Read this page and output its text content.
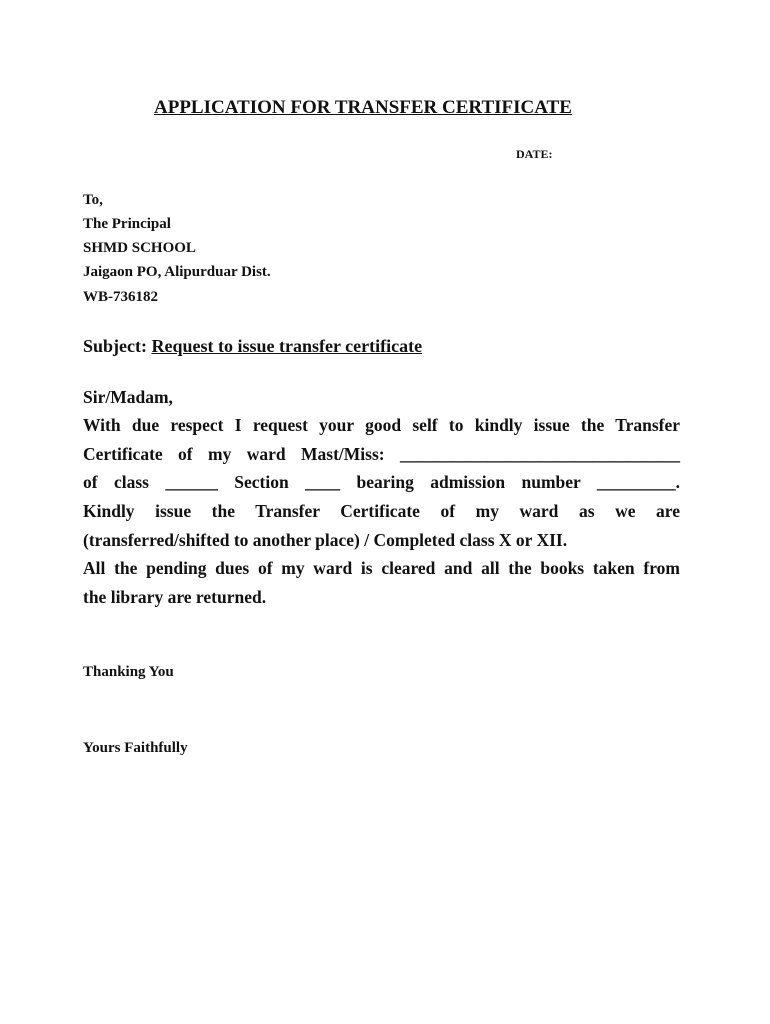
APPLICATION FOR TRANSFER CERTIFICATE
DATE:
To,
The Principal
SHMD SCHOOL
Jaigaon PO, Alipurduar Dist.
WB-736182
Subject: Request to issue transfer certificate
Sir/Madam,
With due respect I request your good self to kindly issue the Transfer
Certificate of my ward Mast/Miss: ________________________________
of class ______ Section ____ bearing admission number _________.
Kindly issue the Transfer Certificate of my ward as we are
(transferred/shifted to another place) / Completed class X or XII.
All the pending dues of my ward is cleared and all the books taken from
the library are returned.
Thanking You
Yours Faithfully
